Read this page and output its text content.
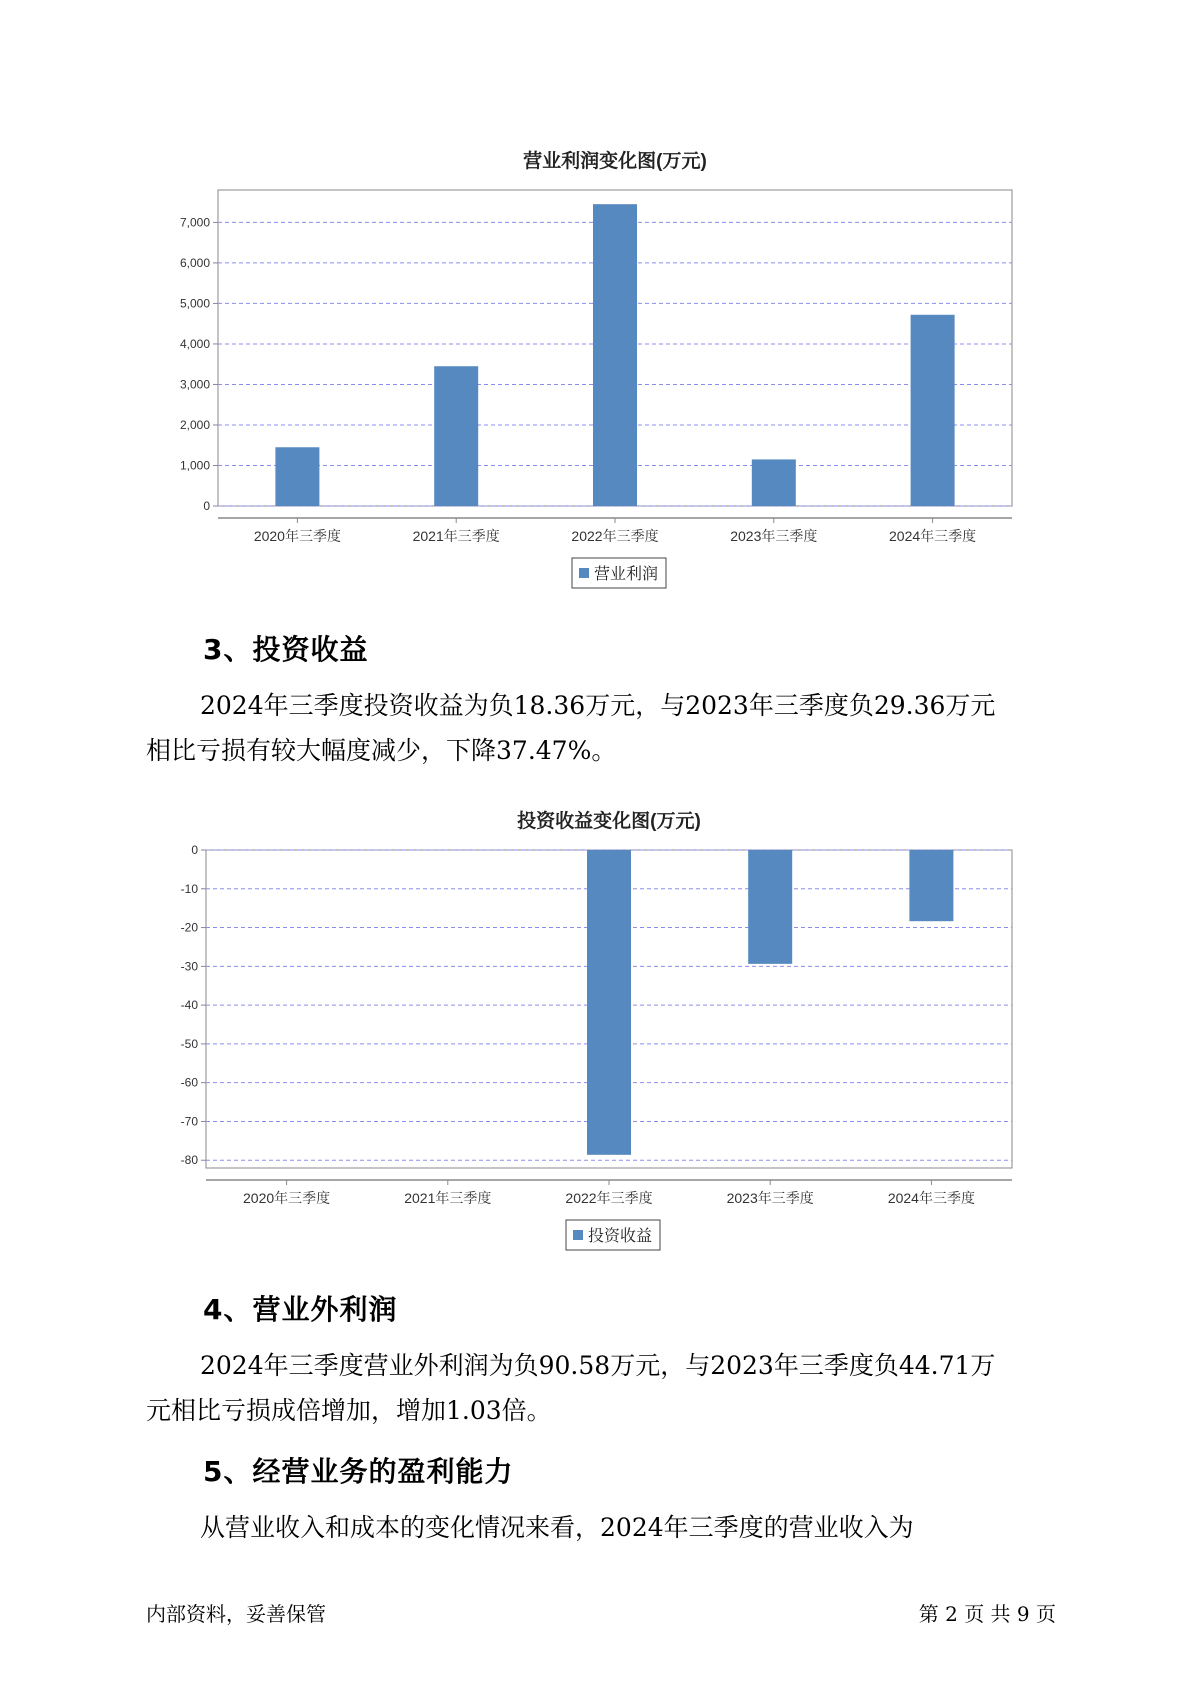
营业利润变化图(万元)
0
1,000
2,000
3,000
4,000
5,000
6,000
7,000
2020年三季度	2021年三季度	2022年三季度	2023年三季度	2024年三季度
营业利润
3、投资收益
2024年三季度投资收益为负18.36万元，与2023年三季度负29.36万元
相比亏损有较大幅度减少，下降37.47%。
投资收益变化图(万元)
0
-10
-20
-30
-40
-50
-60
-70
-80
2020年三季度	2021年三季度	2022年三季度	2023年三季度	2024年三季度
投资收益
4、营业外利润
2024年三季度营业外利润为负90.58万元，与2023年三季度负44.71万
元相比亏损成倍增加，增加1.03倍。
5、经营业务的盈利能力
从营业收入和成本的变化情况来看，2024年三季度的营业收入为
内部资料，妥善保管	第 2 页 共 9 页
